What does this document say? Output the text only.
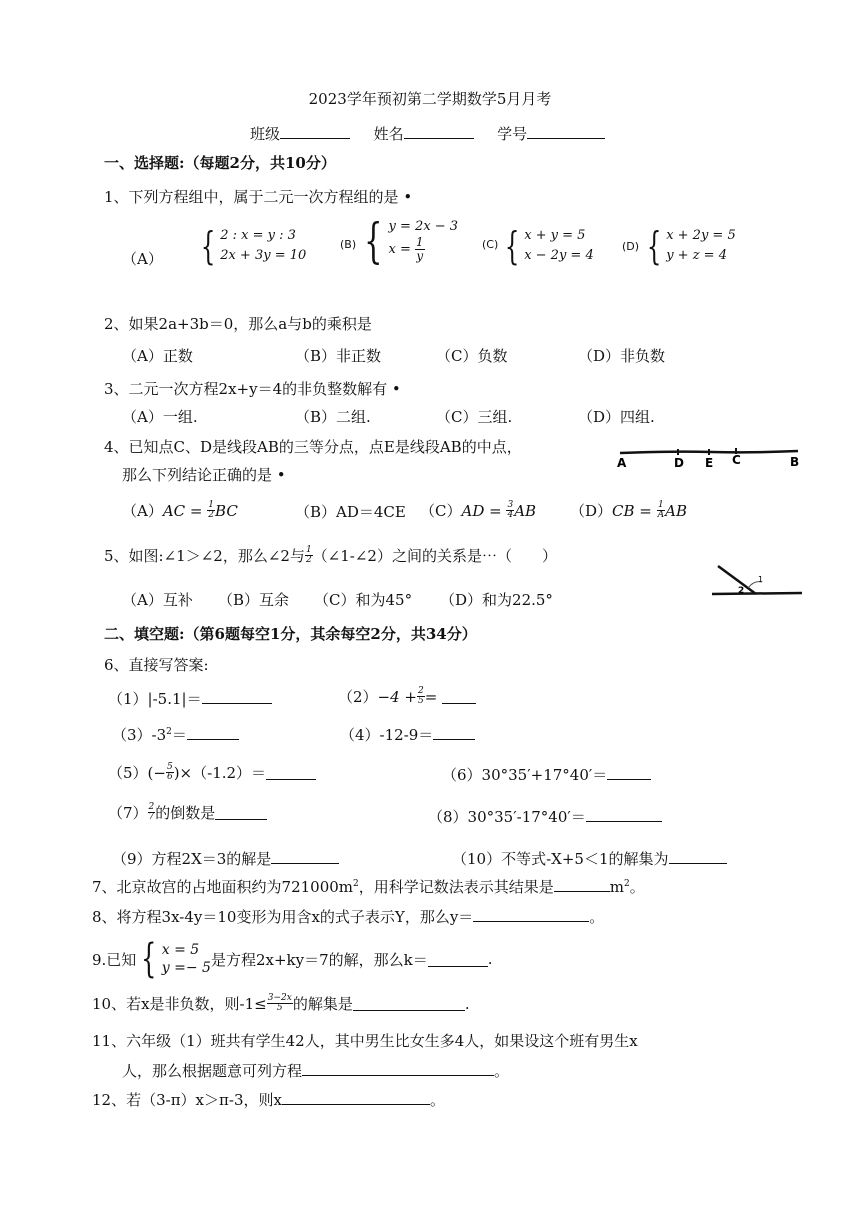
2023学年预初第二学期数学5月月考
班级	姓名	学号
一、选择题:（每题2分，共10分）
1、下列方程组中，属于二元一次方程组的是 •
（A） { 2 : x = y : 3
2x + 3y = 10
(B) { y = 2x − 3
$x = \frac{1}{y}$	(C) { x + y = 5
x − 2y = 4
(D) { x + 2y = 5
y + z = 4
2、如果2a+3b＝0，那么a与b的乘积是
（A）正数	（B）非正数	（C）负数	（D）非负数
3、二元一次方程2x+y＝4的非负整数解有 •
（A）一组.	（B）二组.	（C）三组.	（D）四组.
4、已知点C、D是线段AB的三等分点，点E是线段AB的中点，
那么下列结论正确的是 •
A	D E C	B
（A） AC =
$\frac{1}{2}$ BC	（B）AD＝4CE （C） AD =
$\frac{3}{4}$ AB （D） CB =
$\frac{1}{A}$ AB
5、如图:∠1＞∠2，那么∠2与 $\frac{1}{2}$ （∠1-∠2）之间的关系是⋯（　　）
1
2
（A）互补 （B）互余 （C）和为45° （D）和为22.5°
二、填空题:（第6题每空1分，其余每空2分，共34分）
6、直接写答案:
（1）|-5.1|＝	$(2) -4 + \frac{2}{5}$ =

$(3)-3^2=$	（4）-12-9＝
$(5)(- \frac{5}{6} )\times(-1.2)=$	（6）30°35′+17°40′＝
$(7) \frac{2}{7}$ 的倒数是	（8）30°35′-17°40′＝
（9）方程2X＝3的解是	（10）不等式-X+5＜1的解集为
7、北京故宫的占地面积约为$721000m^2$，用科学记数法表示其结果是	$m^2$。
8、将方程3x-4y＝10变形为用含x的式子表示Y，那么y＝	。
9.已知 { x = 5
y =− 5 是方程2x+ky＝7的解，那么k＝	.
10、若x是非负数，则$-1\le \frac{3-2x}{5}$ 的解集是	.
11、六年级（1）班共有学生42人，其中男生比女生多4人，如果设这个班有男生x
人，那么根据题意可列方程	。
12、若（3-π）x＞π-3，则x	。
